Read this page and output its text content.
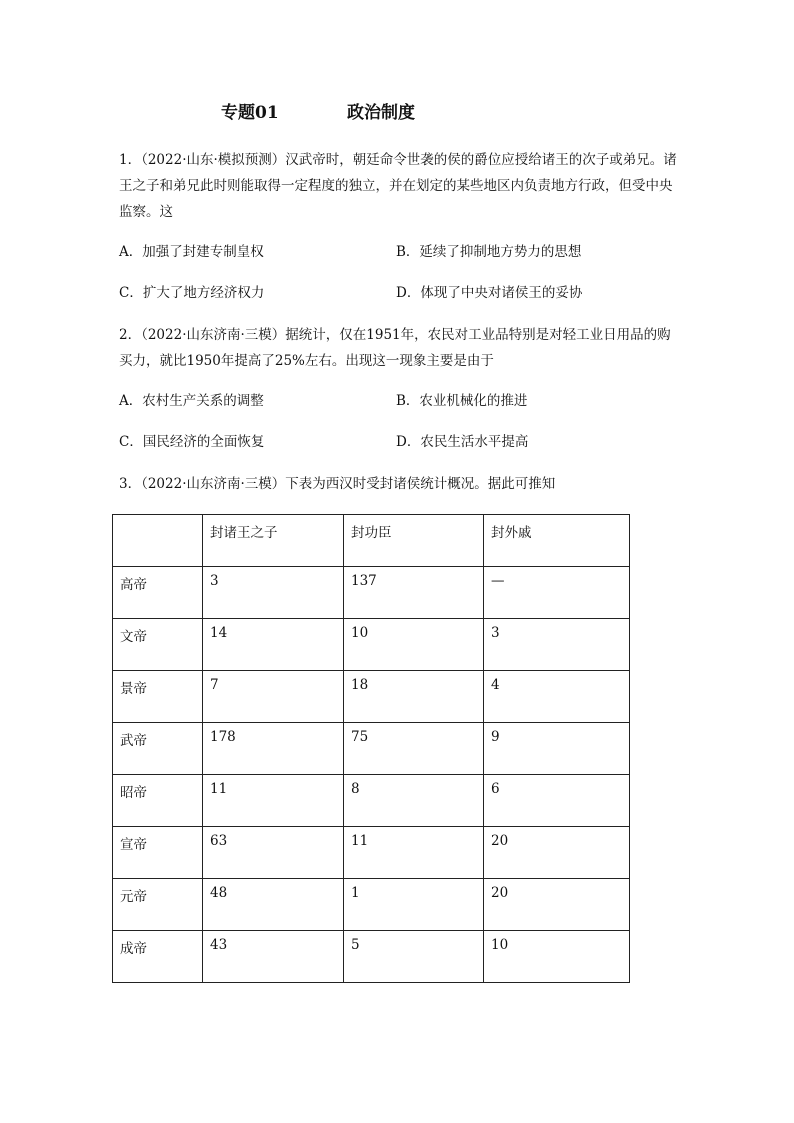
专题01	政治制度
1．（2022·山东·模拟预测）汉武帝时，朝廷命令世袭的侯的爵位应授给诸王的次子或弟兄。诸王之子和弟兄此时则能取得一定程度的独立，并在划定的某些地区内负责地方行政，但受中央监察。这
A．加强了封建专制皇权	B．延续了抑制地方势力的思想
C．扩大了地方经济权力	D．体现了中央对诸侯王的妥协
2．（2022·山东济南·三模）据统计，仅在1951年，农民对工业品特别是对轻工业日用品的购买力，就比1950年提高了25%左右。出现这一现象主要是由于
A．农村生产关系的调整	B．农业机械化的推进
C．国民经济的全面恢复	D．农民生活水平提高
3．（2022·山东济南·三模）下表为西汉时受封诸侯统计概况。据此可推知
	封诸王之子	封功臣	封外戚
高帝	3	137	—
文帝	14	10	3
景帝	7	18	4
武帝	178	75	9
昭帝	11	8	6
宣帝	63	11	20
元帝	48	1	20
成帝	43	5	10
